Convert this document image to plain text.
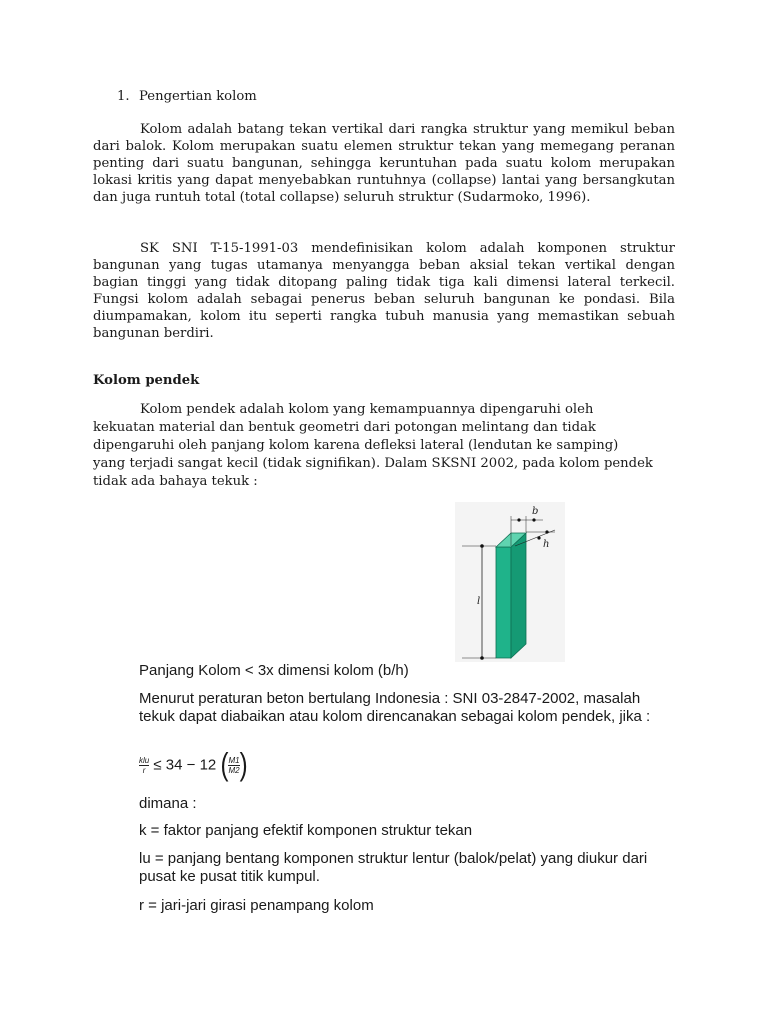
1. Pengertian kolom
Kolom adalah batang tekan vertikal dari rangka struktur yang memikul beban dari balok. Kolom merupakan suatu elemen struktur tekan yang memegang peranan penting dari suatu bangunan, sehingga keruntuhan pada suatu kolom merupakan lokasi kritis yang dapat menyebabkan runtuhnya (collapse) lantai yang bersangkutan dan juga runtuh total (total collapse) seluruh struktur (Sudarmoko, 1996).
SK SNI T-15-1991-03 mendefinisikan kolom adalah komponen struktur bangunan yang tugas utamanya menyangga beban aksial tekan vertikal dengan bagian tinggi yang tidak ditopang paling tidak tiga kali dimensi lateral terkecil. Fungsi kolom adalah sebagai penerus beban seluruh bangunan ke pondasi. Bila diumpamakan, kolom itu seperti rangka tubuh manusia yang memastikan sebuah bangunan berdiri.
Kolom pendek
Kolom pendek adalah kolom yang kemampuannya dipengaruhi oleh kekuatan material dan bentuk geometri dari potongan melintang dan tidak dipengaruhi oleh panjang kolom karena defleksi lateral (lendutan ke samping) yang terjadi sangat kecil (tidak signifikan). Dalam SKSNI 2002, pada kolom pendek tidak ada bahaya tekuk :
l
b
h
Panjang Kolom < 3x dimensi kolom (b/h)
Menurut peraturan beton bertulang Indonesia : SNI 03-2847-2002, masalah tekuk dapat diabaikan atau kolom direncanakan sebagai kolom pendek, jika :
$\frac{\text{klu}}{r} \le 34 - 12$ ( $\frac{M1}{M2}$ )
dimana :
k = faktor panjang efektif komponen struktur tekan
lu = panjang bentang komponen struktur lentur (balok/pelat) yang diukur dari pusat ke pusat titik kumpul.
r = jari-jari girasi penampang kolom
